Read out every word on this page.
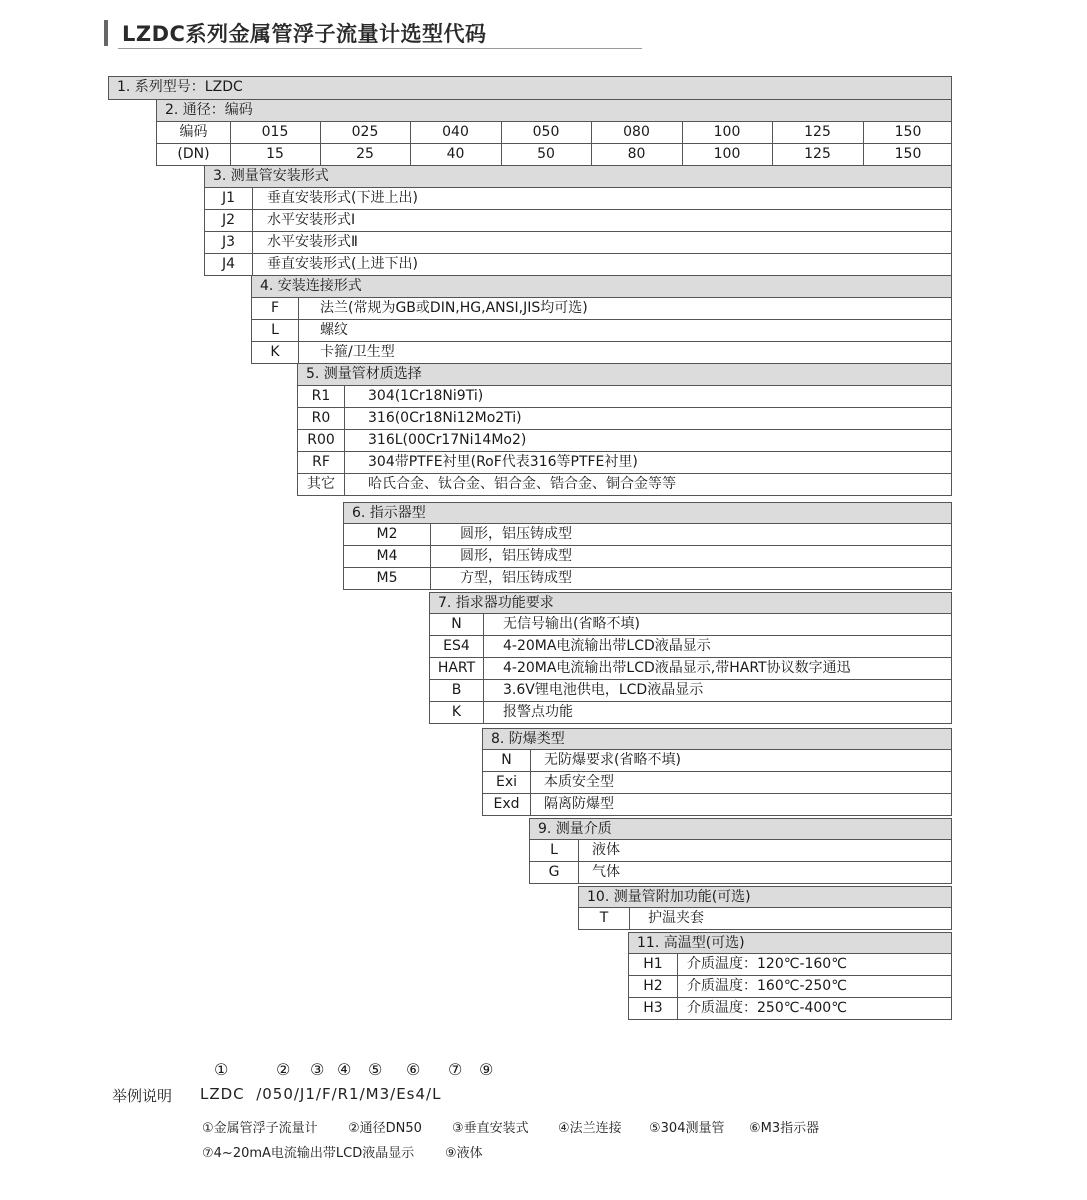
LZDC系列金属管浮子流量计选型代码
1. 系列型号：LZDC
2. 通径：编码
编码	015	025	040	050	080	100	125	150
(DN)	15	25	40	50	80	100	125	150
3. 测量管安装形式
J1	垂直安装形式(下进上出)
J2	水平安装形式Ⅰ
J3	水平安装形式Ⅱ
J4	垂直安装形式(上进下出)
4. 安装连接形式
F	法兰(常规为GB或DIN,HG,ANSI,JIS均可选)
L	螺纹
K	卡箍/卫生型
5. 测量管材质选择
R1	304(1Cr18Ni9Ti)
R0	316(0Cr18Ni12Mo2Ti)
R00	316L(00Cr17Ni14Mo2)
RF	304带PTFE衬里(RoF代表316等PTFE衬里)
其它	哈氏合金、钛合金、铝合金、锆合金、铜合金等等
6. 指示器型
M2	圆形，铝压铸成型
M4	圆形，铝压铸成型
M5	方型，铝压铸成型
7. 指求器功能要求
N	无信号输出(省略不填)
ES4	4-20MA电流输出带LCD液晶显示
HART	4-20MA电流输出带LCD液晶显示,带HART协议数字通迅
B	3.6V锂电池供电，LCD液晶显示
K	报警点功能
8. 防爆类型
N	无防爆要求(省略不填)
Exi	本质安全型
Exd	隔离防爆型
9. 测量介质
L	液体
G	气体
10. 测量管附加功能(可选)
T	护温夹套
11. 高温型(可选)
H1	介质温度：120℃-160℃
H2	介质温度：160℃-250℃
H3	介质温度：250℃-400℃
①	② ③ ④ ⑤ ⑥ ⑦ ⑨
举例说明 LZDC  /050/J1/F/R1/M3/Es4/L
①金属管浮子流量计 ②通径DN50 ③垂直安装式 ④法兰连接 ⑤304测量管 ⑥M3指示器
⑦4~20mA电流输出带LCD液晶显示 ⑨液体
